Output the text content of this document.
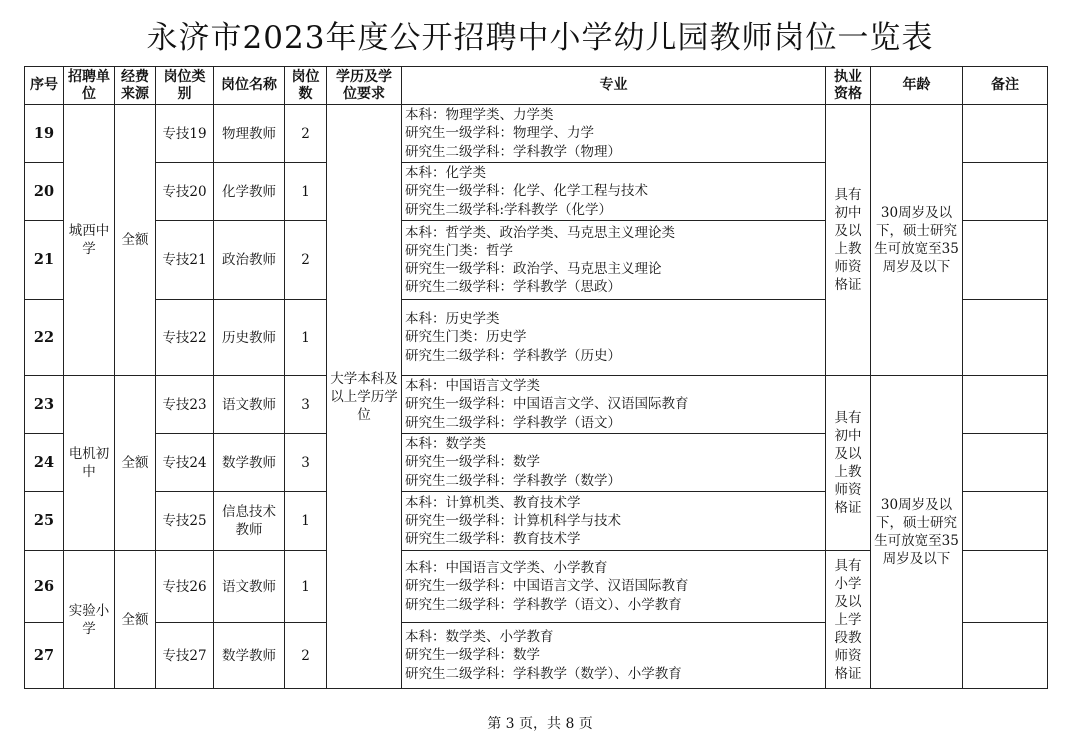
永济市2023年度公开招聘中小学幼儿园教师岗位一览表
序号	招聘单位	经费来源	岗位类别	岗位名称	岗位数	学历及学位要求	专业	执业资格	年龄	备注
19	城西中学	全额	专技19	物理教师	2	大学本科及以上学历学位	本科：物理学类、力学类
研究生一级学科：物理学、力学
研究生二级学科：学科教学（物理）	具有初中及以上教师资格证	30周岁及以下，硕士研究生可放宽至35周岁及以下	
20			专技20	化学教师	1		本科：化学类
研究生一级学科：化学、化学工程与技术
研究生二级学科:学科教学（化学）			

21			专技21	政治教师	2		本科：哲学类、政治学类、马克思主义理论类
研究生门类：哲学
研究生一级学科：政治学、马克思主义理论
研究生二级学科：学科教学（思政）			

22			专技22	历史教师	1		本科：历史学类
研究生门类：历史学
研究生二级学科：学科教学（历史）			

23	电机初中	全额	专技23	语文教师	3		本科：中国语言文学类
研究生一级学科：中国语言文学、汉语国际教育
研究生二级学科：学科教学（语文）	具有初中及以上教师资格证	30周岁及以下，硕士研究生可放宽至35周岁及以下	
24			专技24	数学教师	3		本科：数学类
研究生一级学科：数学
研究生二级学科：学科教学（数学）			

25			专技25	信息技术教师	1		本科：计算机类、教育技术学
研究生一级学科：计算机科学与技术
研究生二级学科：教育技术学			

26	实验小学	全额	专技26	语文教师	1		本科：中国语言文学类、小学教育
研究生一级学科：中国语言文学、汉语国际教育
研究生二级学科：学科教学（语文）、小学教育	具有小学及以上学段教师资格证		
27			专技27	数学教师	2		本科：数学类、小学教育
研究生一级学科：数学
研究生二级学科：学科教学（数学）、小学教育			

第 3 页，共 8 页
